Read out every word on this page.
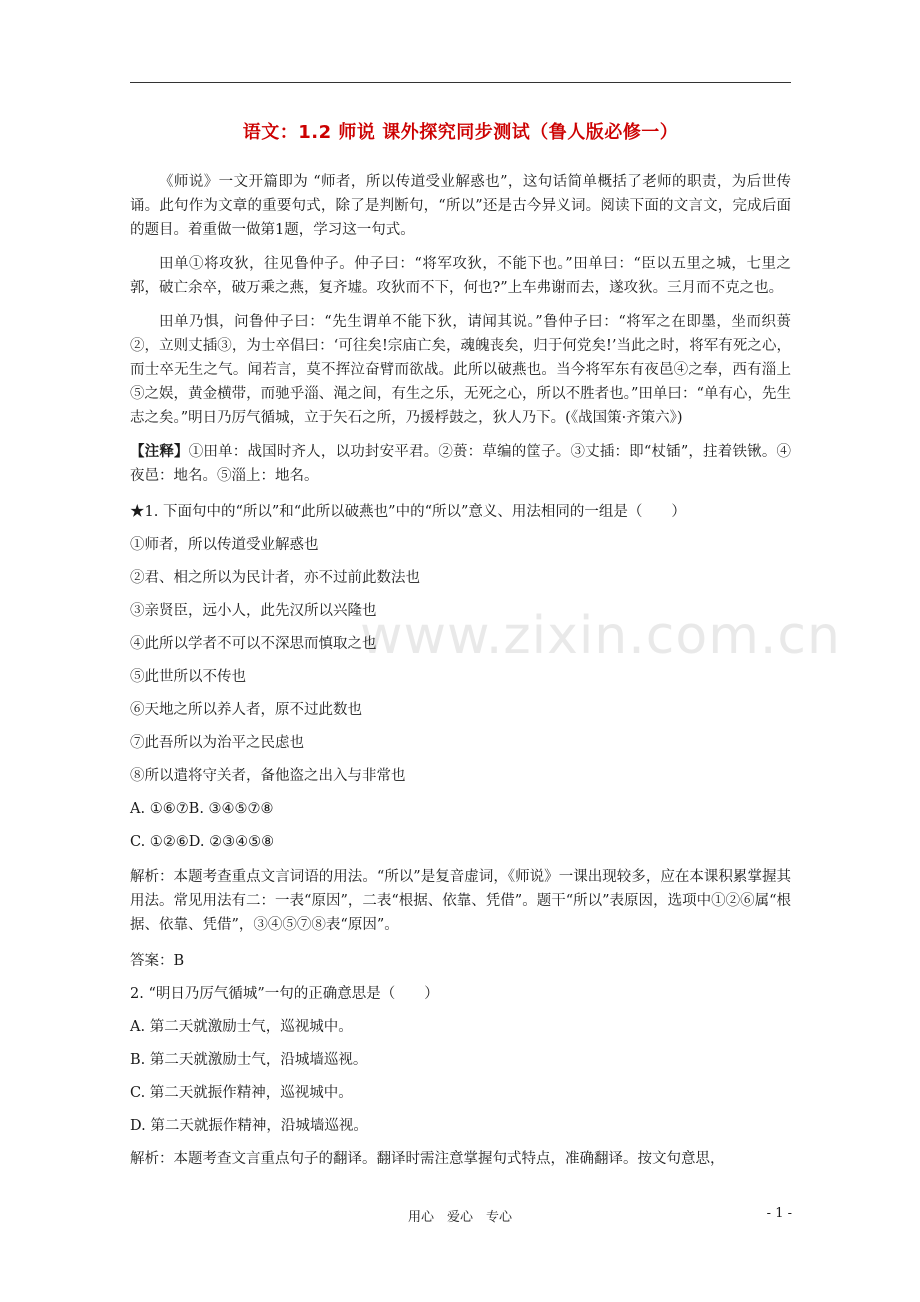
www.zixin.com.cn
语文：1.2 师说 课外探究同步测试（鲁人版必修一）

《师说》一文开篇即为 “师者，所以传道受业解惑也”，这句话简单概括了老师的职责，为后世传诵。此句作为文章的重要句式，除了是判断句，“所以”还是古今异义词。阅读下面的文言文，完成后面的题目。着重做一做第1题，学习这一句式。

田单①将攻狄，往见鲁仲子。仲子曰：“将军攻狄，不能下也。”田单曰：“臣以五里之城，七里之郭，破亡余卒，破万乘之燕，复齐墟。攻狄而不下，何也?”上车弗谢而去，遂攻狄。三月而不克之也。

田单乃惧，问鲁仲子曰：“先生谓单不能下狄，请闻其说。”鲁仲子曰：“将军之在即墨，坐而织蒉②，立则丈插③，为士卒倡曰：‘可往矣!宗庙亡矣，魂魄丧矣，归于何党矣!’当此之时，将军有死之心，而士卒无生之气。闻若言，莫不挥泣奋臂而欲战。此所以破燕也。当今将军东有夜邑④之奉，西有淄上⑤之娱，黄金横带，而驰乎淄、渑之间，有生之乐，无死之心，所以不胜者也。”田单曰：“单有心，先生志之矣。”明日乃厉气循城，立于矢石之所，乃援桴鼓之，狄人乃下。(《战国策·齐策六》)

【注释】①田单：战国时齐人，以功封安平君。②蒉：草编的筐子。③丈插：即“杖锸”，拄着铁锹。④夜邑：地名。⑤淄上：地名。

★1. 下面句中的“所以”和“此所以破燕也”中的“所以”意义、用法相同的一组是（　　）

①师者，所以传道受业解惑也

②君、相之所以为民计者，亦不过前此数法也

③亲贤臣，远小人，此先汉所以兴隆也

④此所以学者不可以不深思而慎取之也

⑤此世所以不传也

⑥天地之所以养人者，原不过此数也

⑦此吾所以为治平之民虑也

⑧所以遣将守关者，备他盗之出入与非常也

A. ①⑥⑦B. ③④⑤⑦⑧

C. ①②⑥D. ②③④⑤⑧

解析：本题考查重点文言词语的用法。“所以”是复音虚词，《师说》一课出现较多，应在本课积累掌握其用法。常见用法有二：一表“原因”，二表“根据、依靠、凭借”。题干“所以”表原因，选项中①②⑥属“根据、依靠、凭借”，③④⑤⑦⑧表“原因”。

答案：B

2. “明日乃厉气循城”一句的正确意思是（　　）

A. 第二天就激励士气，巡视城中。

B. 第二天就激励士气，沿城墙巡视。

C. 第二天就振作精神，巡视城中。

D. 第二天就振作精神，沿城墙巡视。

解析：本题考查文言重点句子的翻译。翻译时需注意掌握句式特点，准确翻译。按文句意思，

用心　爱心　专心	- 1 -
